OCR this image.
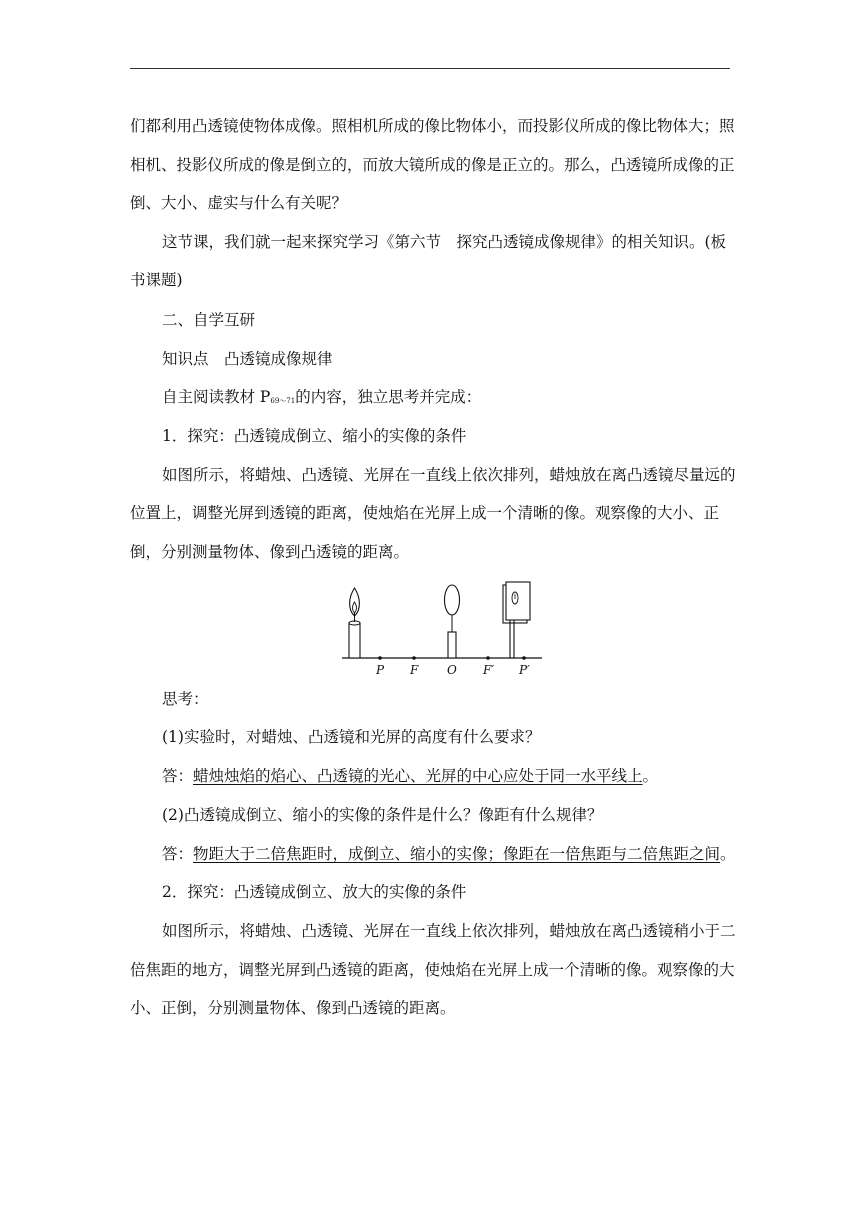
们都利用凸透镜使物体成像。照相机所成的像比物体小，而投影仪所成的像比物体大；照
相机、投影仪所成的像是倒立的，而放大镜所成的像是正立的。那么，凸透镜所成像的正
倒、大小、虚实与什么有关呢？
这节课，我们就一起来探究学习《第六节　探究凸透镜成像规律》的相关知识。(板
书课题)
二、自学互研
知识点　凸透镜成像规律
自主阅读教材 $P_{69\sim 71}$的内容，独立思考并完成：
1．探究：凸透镜成倒立、缩小的实像的条件
如图所示，将蜡烛、凸透镜、光屏在一直线上依次排列，蜡烛放在离凸透镜尽量远的
位置上，调整光屏到透镜的距离，使烛焰在光屏上成一个清晰的像。观察像的大小、正
倒，分别测量物体、像到凸透镜的距离。
P F O F′ P′
思考：
(1)实验时，对蜡烛、凸透镜和光屏的高度有什么要求？
答：蜡烛烛焰的焰心、凸透镜的光心、光屏的中心应处于同一水平线上。
(2)凸透镜成倒立、缩小的实像的条件是什么？像距有什么规律？
答：物距大于二倍焦距时，成倒立、缩小的实像；像距在一倍焦距与二倍焦距之间。
2．探究：凸透镜成倒立、放大的实像的条件
如图所示，将蜡烛、凸透镜、光屏在一直线上依次排列，蜡烛放在离凸透镜稍小于二
倍焦距的地方，调整光屏到凸透镜的距离，使烛焰在光屏上成一个清晰的像。观察像的大
小、正倒，分别测量物体、像到凸透镜的距离。
